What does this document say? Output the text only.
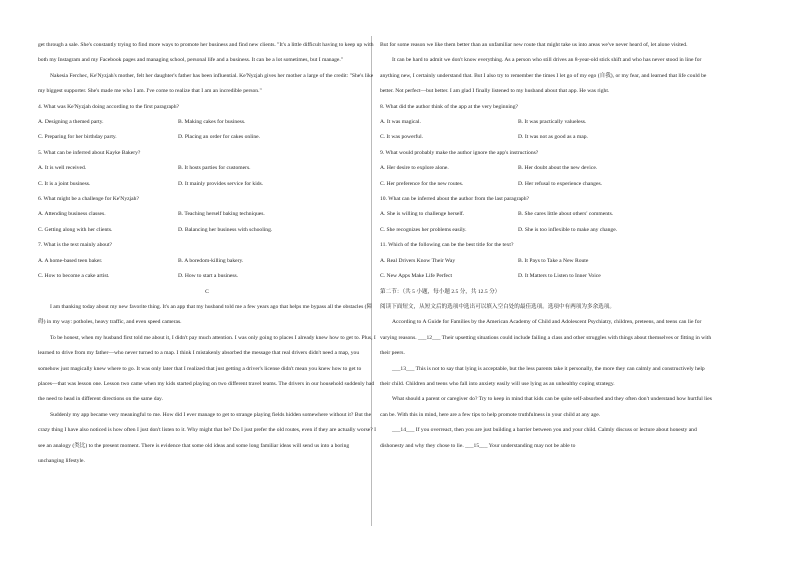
get through a sale. She's constantly trying to find more ways to promote her business and find new clients. "It's a little difficult having to keep up with both my Instagram and my Facebook pages and managing school, personal life and a business. It can be a lot sometimes, but I manage."

Nakesia Ferchec, Ke'Nyzjah's mother, felt her daughter's father has been influential. Ke'Nyzjah gives her mother a large of the credit: "She's like my biggest supporter. She's made me who I am. I've come to realize that I am an incredible person."

4. What was Ke'Nyzjah doing according to the first paragraph?

A. Designing a themed party.	B. Making cakes for business.
C. Preparing for her birthday party.	D. Placing an order for cakes online.

5. What can be inferred about Kayke Bakery?

A. It is well received.	B. It hosts parties for customers.
C. It is a joint business.	D. It mainly provides service for kids.

6. What might be a challenge for Ke'Nyzjah?

A. Attending business classes.	B. Teaching herself baking techniques.
C. Getting along with her clients.	D. Balancing her business with schooling.

7. What is the text mainly about?

A. A home-based teen baker.	B. A boredom-killing bakery.
C. How to become a cake artist.	D. How to start a business.

C

I am thanking today about my new favorite thing. It's an app that my husband told me a few years ago that helps me bypass all the obstacles (障碍) in my way: potholes, heavy traffic, and even speed cameras.

To be honest, when my husband first told me about it, I didn't pay much attention. I was only going to places I already knew how to get to. Plus, I learned to drive from my father—who never turned to a map. I think I mistakenly absorbed the message that real drivers didn't need a map, you somehow just magically knew where to go. It was only later that I realized that just getting a driver's license didn't mean you knew how to get to places—that was lesson one. Lesson two came when my kids started playing on two different travel teams. The drivers in our household suddenly had the need to head in different directions on the same day.

Suddenly my app became very meaningful to me. How did I ever manage to get to strange playing fields hidden somewhere without it? But the crazy thing I have also noticed is how often I just don't listen to it. Why might that be? Do I just prefer the old routes, even if they are actually worse? I see an analogy (类比) to the present moment. There is evidence that some old ideas and some long familiar ideas will send us into a boring unchanging lifestyle.

But for some reason we like them better than an unfamiliar new route that might take us into areas we've never heard of, let alone visited.

It can be hard to admit we don't know everything. As a person who still drives an 8-year-old stick shift and who has never stood in line for anything new, I certainly understand that. But I also try to remember the times I let go of my ego (自我), or my fear, and learned that life could be better. Not perfect—but better. I am glad I finally listened to my husband about that app. He was right.

8. What did the author think of the app at the very beginning?

A. It was magical.	B. It was practically valueless.
C. It was powerful.	D. It was not as good as a map.

9. What would probably make the author ignore the app's instructions?

A. Her desire to explore alone.	B. Her doubt about the new device.
C. Her preference for the new routes.	D. Her refusal to experience changes.

10. What can be inferred about the author from the last paragraph?

A. She is willing to challenge herself.	B. She cares little about others' comments.
C. She recognizes her problems easily.	D. She is too inflexible to make any change.

11. Which of the following can be the best title for the text?

A. Real Drivers Know Their Way	B. It Pays to Take a New Route
C. New Apps Make Life Perfect	D. It Matters to Listen to Inner Voice

第二节：（共 5 小题，每小题 2.5 分，共 12.5 分）

阅读下面短文，从短文后的选项中选出可以填入空白处的最佳选项。选项中有两项为多余选项。

According to A Guide for Families by the American Academy of Child and Adolescent Psychiatry, children, preteens, and teens can lie for varying reasons. ___12___ Their upsetting situations could include failing a class and other struggles with things about themselves or fitting in with their peers.

___13___ This is not to say that lying is acceptable, but the less parents take it personally, the more they can calmly and constructively help their child. Children and teens who fall into anxiety easily will use lying as an unhealthy coping strategy.

What should a parent or caregiver do? Try to keep in mind that kids can be quite self-absorbed and they often don't understand how hurtful lies can be. With this in mind, here are a few tips to help promote truthfulness in your child at any age.

___14___ If you overreact, then you are just building a barrier between you and your child. Calmly discuss or lecture about honesty and dishonesty and why they chose to lie. ___15___ Your understanding may not be able to
